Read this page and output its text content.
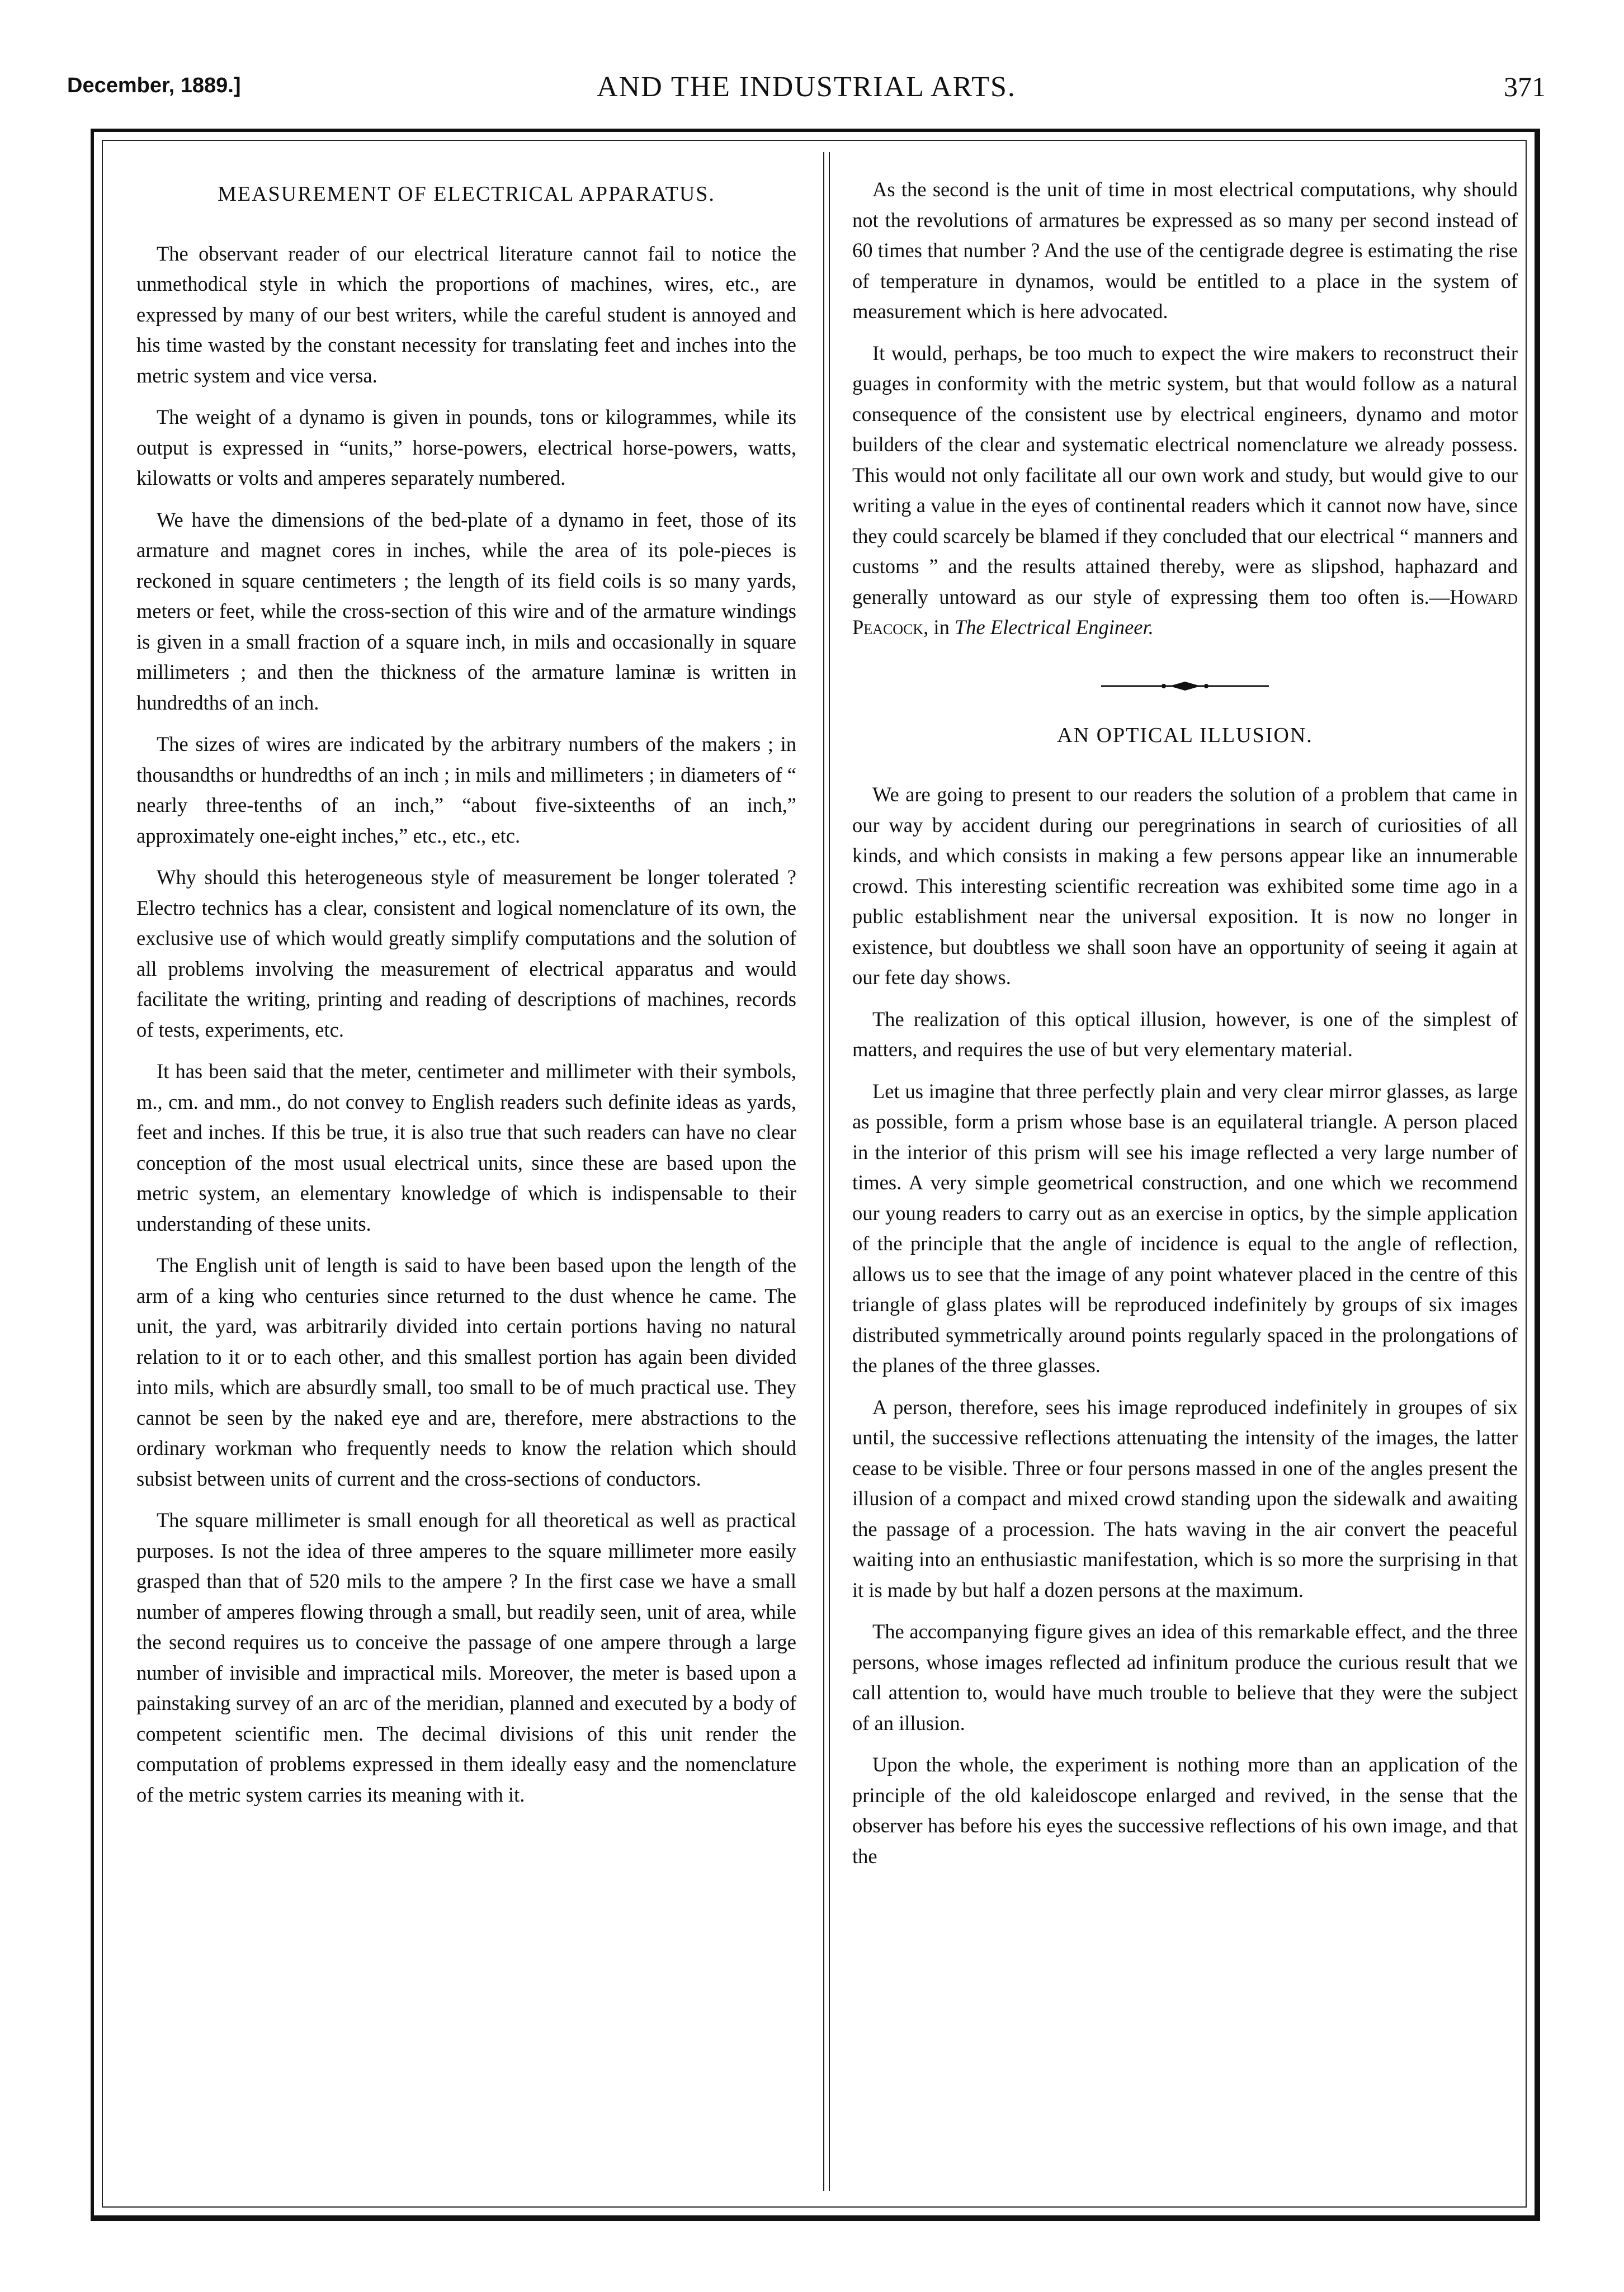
December, 1889.]	AND THE INDUSTRIAL ARTS.	371
MEASUREMENT OF ELECTRICAL APPARATUS.

The observant reader of our electrical literature cannot fail to notice the unmethodical style in which the proportions of machines, wires, etc., are expressed by many of our best writers, while the careful student is annoyed and his time wasted by the constant necessity for translating feet and inches into the metric system and vice versa.

The weight of a dynamo is given in pounds, tons or kilogrammes, while its output is expressed in “units,” horse-powers, electrical horse-powers, watts, kilowatts or volts and amperes separately numbered.

We have the dimensions of the bed-plate of a dynamo in feet, those of its armature and magnet cores in inches, while the area of its pole-pieces is reckoned in square centimeters ; the length of its field coils is so many yards, meters or feet, while the cross-section of this wire and of the armature windings is given in a small fraction of a square inch, in mils and occasionally in square millimeters ; and then the thickness of the armature laminæ is written in hundredths of an inch.

The sizes of wires are indicated by the arbitrary numbers of the makers ; in thousandths or hundredths of an inch ; in mils and millimeters ; in diameters of “ nearly three-tenths of an inch,” “about five-sixteenths of an inch,” approximately one-eight inches,” etc., etc., etc.

Why should this heterogeneous style of measurement be longer tolerated ? Electro technics has a clear, consistent and logical nomenclature of its own, the exclusive use of which would greatly simplify computations and the solution of all problems involving the measurement of electrical apparatus and would facilitate the writing, printing and reading of descriptions of machines, records of tests, experiments, etc.

It has been said that the meter, centimeter and millimeter with their symbols, m., cm. and mm., do not convey to English readers such definite ideas as yards, feet and inches. If this be true, it is also true that such readers can have no clear conception of the most usual electrical units, since these are based upon the metric system, an elementary knowledge of which is indispensable to their understanding of these units.

The English unit of length is said to have been based upon the length of the arm of a king who centuries since returned to the dust whence he came. The unit, the yard, was arbitrarily divided into certain portions having no natural relation to it or to each other, and this smallest portion has again been divided into mils, which are absurdly small, too small to be of much practical use. They cannot be seen by the naked eye and are, therefore, mere abstractions to the ordinary workman who frequently needs to know the relation which should subsist between units of current and the cross-sections of conductors.

The square millimeter is small enough for all theoretical as well as practical purposes. Is not the idea of three amperes to the square millimeter more easily grasped than that of 520 mils to the ampere ? In the first case we have a small number of amperes flowing through a small, but readily seen, unit of area, while the second requires us to conceive the passage of one ampere through a large number of invisible and impractical mils. Moreover, the meter is based upon a painstaking survey of an arc of the meridian, planned and executed by a body of competent scientific men. The decimal divisions of this unit render the computation of problems expressed in them ideally easy and the nomenclature of the metric system carries its meaning with it.

As the second is the unit of time in most electrical computations, why should not the revolutions of armatures be expressed as so many per second instead of 60 times that number ? And the use of the centigrade degree is estimating the rise of temperature in dynamos, would be entitled to a place in the system of measurement which is here advocated.

It would, perhaps, be too much to expect the wire makers to reconstruct their guages in conformity with the metric system, but that would follow as a natural consequence of the consistent use by electrical engineers, dynamo and motor builders of the clear and systematic electrical nomenclature we already possess. This would not only facilitate all our own work and study, but would give to our writing a value in the eyes of continental readers which it cannot now have, since they could scarcely be blamed if they concluded that our electrical “ manners and customs ” and the results attained thereby, were as slipshod, haphazard and generally untoward as our style of expressing them too often is.—Howard Peacock, in The Electrical Engineer.

AN OPTICAL ILLUSION.

We are going to present to our readers the solution of a problem that came in our way by accident during our peregrinations in search of curiosities of all kinds, and which consists in making a few persons appear like an innumerable crowd. This interesting scientific recreation was exhibited some time ago in a public establishment near the universal exposition. It is now no longer in existence, but doubtless we shall soon have an opportunity of seeing it again at our fete day shows.

The realization of this optical illusion, however, is one of the simplest of matters, and requires the use of but very elementary material.

Let us imagine that three perfectly plain and very clear mirror glasses, as large as possible, form a prism whose base is an equilateral triangle. A person placed in the interior of this prism will see his image reflected a very large number of times. A very simple geometrical construction, and one which we recommend our young readers to carry out as an exercise in optics, by the simple application of the principle that the angle of incidence is equal to the angle of reflection, allows us to see that the image of any point whatever placed in the centre of this triangle of glass plates will be reproduced indefinitely by groups of six images distributed symmetrically around points regularly spaced in the prolongations of the planes of the three glasses.

A person, therefore, sees his image reproduced indefinitely in groupes of six until, the successive reflections attenuating the intensity of the images, the latter cease to be visible. Three or four persons massed in one of the angles present the illusion of a compact and mixed crowd standing upon the sidewalk and awaiting the passage of a procession. The hats waving in the air convert the peaceful waiting into an enthusiastic manifestation, which is so more the surprising in that it is made by but half a dozen persons at the maximum.

The accompanying figure gives an idea of this remarkable effect, and the three persons, whose images reflected ad infinitum produce the curious result that we call attention to, would have much trouble to believe that they were the subject of an illusion.

Upon the whole, the experiment is nothing more than an application of the principle of the old kaleidoscope enlarged and revived, in the sense that the observer has before his eyes the successive reflections of his own image, and that the
